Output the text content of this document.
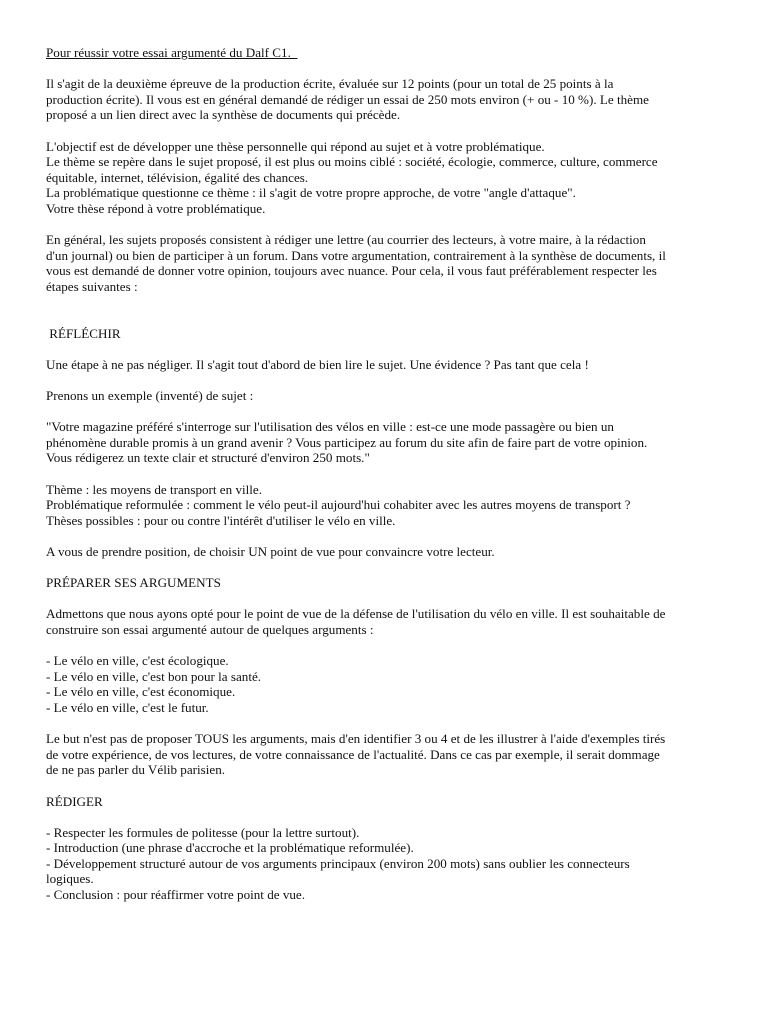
Pour réussir votre essai argumenté du Dalf C1.
Il s'agit de la deuxième épreuve de la production écrite, évaluée sur 12 points (pour un total de 25 points à la
production écrite). Il vous est en général demandé de rédiger un essai de 250 mots environ (+ ou - 10 %). Le thème
proposé a un lien direct avec la synthèse de documents qui précède.
L'objectif est de développer une thèse personnelle qui répond au sujet et à votre problématique.
Le thème se repère dans le sujet proposé, il est plus ou moins ciblé : société, écologie, commerce, culture, commerce
équitable, internet, télévision, égalité des chances.
La problématique questionne ce thème : il s'agit de votre propre approche, de votre "angle d'attaque".
Votre thèse répond à votre problématique.
En général, les sujets proposés consistent à rédiger une lettre (au courrier des lecteurs, à votre maire, à la rédaction
d'un journal) ou bien de participer à un forum. Dans votre argumentation, contrairement à la synthèse de documents, il
vous est demandé de donner votre opinion, toujours avec nuance. Pour cela, il vous faut préférablement respecter les
étapes suivantes :
RÉFLÉCHIR
Une étape à ne pas négliger. Il s'agit tout d'abord de bien lire le sujet. Une évidence ? Pas tant que cela !
Prenons un exemple (inventé) de sujet :
"Votre magazine préféré s'interroge sur l'utilisation des vélos en ville : est-ce une mode passagère ou bien un
phénomène durable promis à un grand avenir ? Vous participez au forum du site afin de faire part de votre opinion.
Vous rédigerez un texte clair et structuré d'environ 250 mots."
Thème : les moyens de transport en ville.
Problématique reformulée : comment le vélo peut-il aujourd'hui cohabiter avec les autres moyens de transport ?
Thèses possibles : pour ou contre l'intérêt d'utiliser le vélo en ville.
A vous de prendre position, de choisir UN point de vue pour convaincre votre lecteur.
PRÉPARER SES ARGUMENTS
Admettons que nous ayons opté pour le point de vue de la défense de l'utilisation du vélo en ville. Il est souhaitable de
construire son essai argumenté autour de quelques arguments :
- Le vélo en ville, c'est écologique.
- Le vélo en ville, c'est bon pour la santé.
- Le vélo en ville, c'est économique.
- Le vélo en ville, c'est le futur.
Le but n'est pas de proposer TOUS les arguments, mais d'en identifier 3 ou 4 et de les illustrer à l'aide d'exemples tirés
de votre expérience, de vos lectures, de votre connaissance de l'actualité. Dans ce cas par exemple, il serait dommage
de ne pas parler du Vélib parisien.
RÉDIGER
- Respecter les formules de politesse (pour la lettre surtout).
- Introduction (une phrase d'accroche et la problématique reformulée).
- Développement structuré autour de vos arguments principaux (environ 200 mots) sans oublier les connecteurs
logiques.
- Conclusion : pour réaffirmer votre point de vue.
